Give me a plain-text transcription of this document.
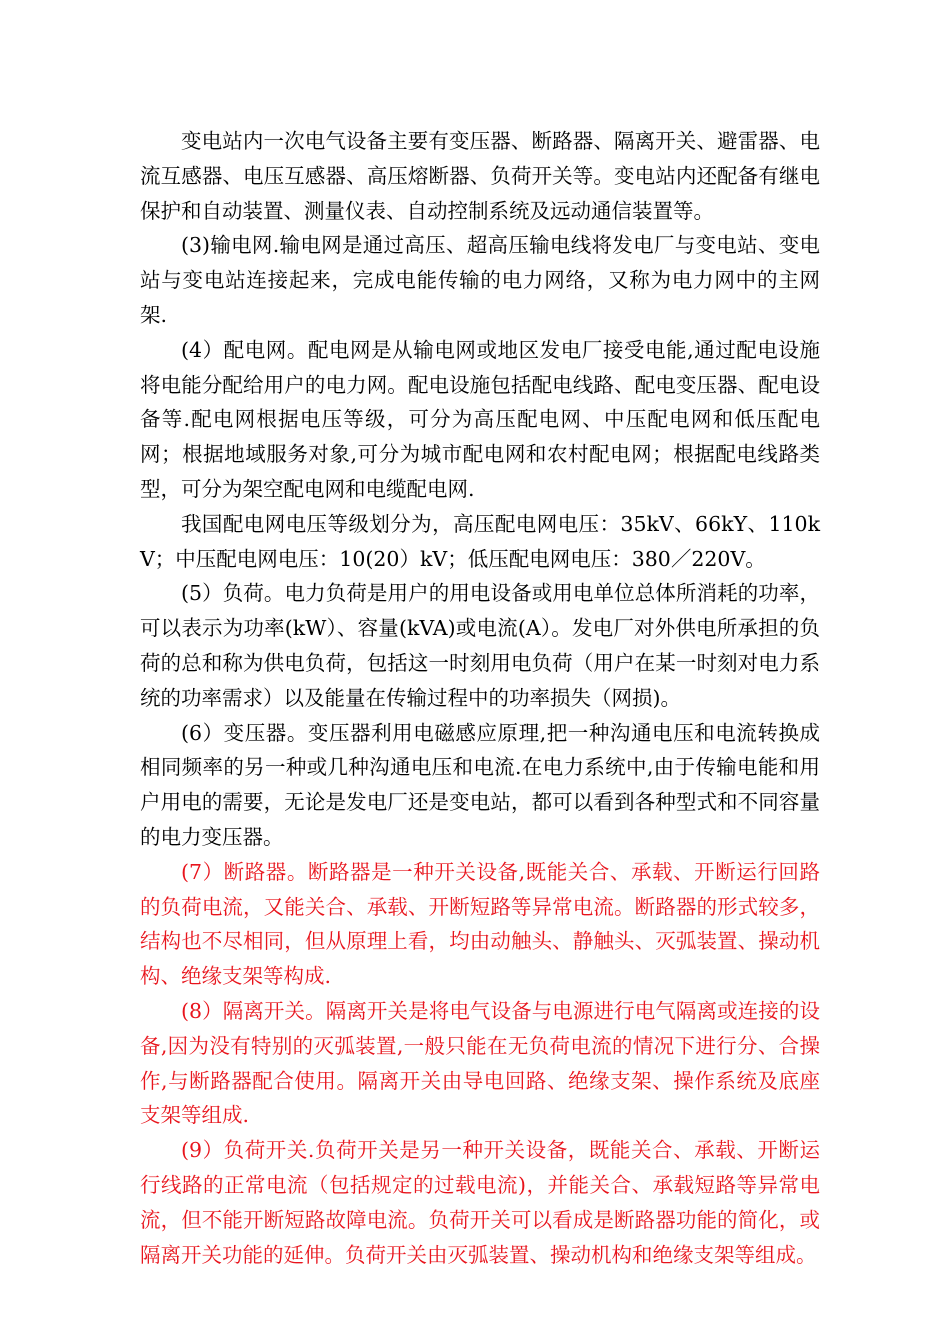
变电站内一次电气设备主要有变压器、断路器、隔离开关、避雷器、电流互感器、电压互感器、高压熔断器、负荷开关等。变电站内还配备有继电保护和自动装置、测量仪表、自动控制系统及远动通信装置等。

(3)输电网.输电网是通过高压、超高压输电线将发电厂与变电站、变电站与变电站连接起来，完成电能传输的电力网络，又称为电力网中的主网架.

(4）配电网。配电网是从输电网或地区发电厂接受电能,通过配电设施将电能分配给用户的电力网。配电设施包括配电线路、配电变压器、配电设备等.配电网根据电压等级，可分为高压配电网、中压配电网和低压配电网；根据地域服务对象,可分为城市配电网和农村配电网；根据配电线路类型，可分为架空配电网和电缆配电网.

我国配电网电压等级划分为，高压配电网电压：35kV、66kY、110kV；中压配电网电压：10(20）kV；低压配电网电压：380／220V。

(5）负荷。电力负荷是用户的用电设备或用电单位总体所消耗的功率，可以表示为功率(kW）、容量(kVA)或电流(A）。发电厂对外供电所承担的负荷的总和称为供电负荷，包括这一时刻用电负荷（用户在某一时刻对电力系统的功率需求）以及能量在传输过程中的功率损失（网损)。

(6）变压器。变压器利用电磁感应原理,把一种沟通电压和电流转换成相同频率的另一种或几种沟通电压和电流.在电力系统中,由于传输电能和用户用电的需要，无论是发电厂还是变电站，都可以看到各种型式和不同容量的电力变压器。

(7）断路器。断路器是一种开关设备,既能关合、承载、开断运行回路的负荷电流，又能关合、承载、开断短路等异常电流。断路器的形式较多，结构也不尽相同，但从原理上看，均由动触头、静触头、灭弧装置、操动机构、绝缘支架等构成.

(8）隔离开关。隔离开关是将电气设备与电源进行电气隔离或连接的设备,因为没有特别的灭弧装置,一般只能在无负荷电流的情况下进行分、合操作,与断路器配合使用。隔离开关由导电回路、绝缘支架、操作系统及底座支架等组成.

(9）负荷开关.负荷开关是另一种开关设备，既能关合、承载、开断运行线路的正常电流（包括规定的过载电流)，并能关合、承载短路等异常电流，但不能开断短路故障电流。负荷开关可以看成是断路器功能的简化，或隔离开关功能的延伸。负荷开关由灭弧装置、操动机构和绝缘支架等组成。
